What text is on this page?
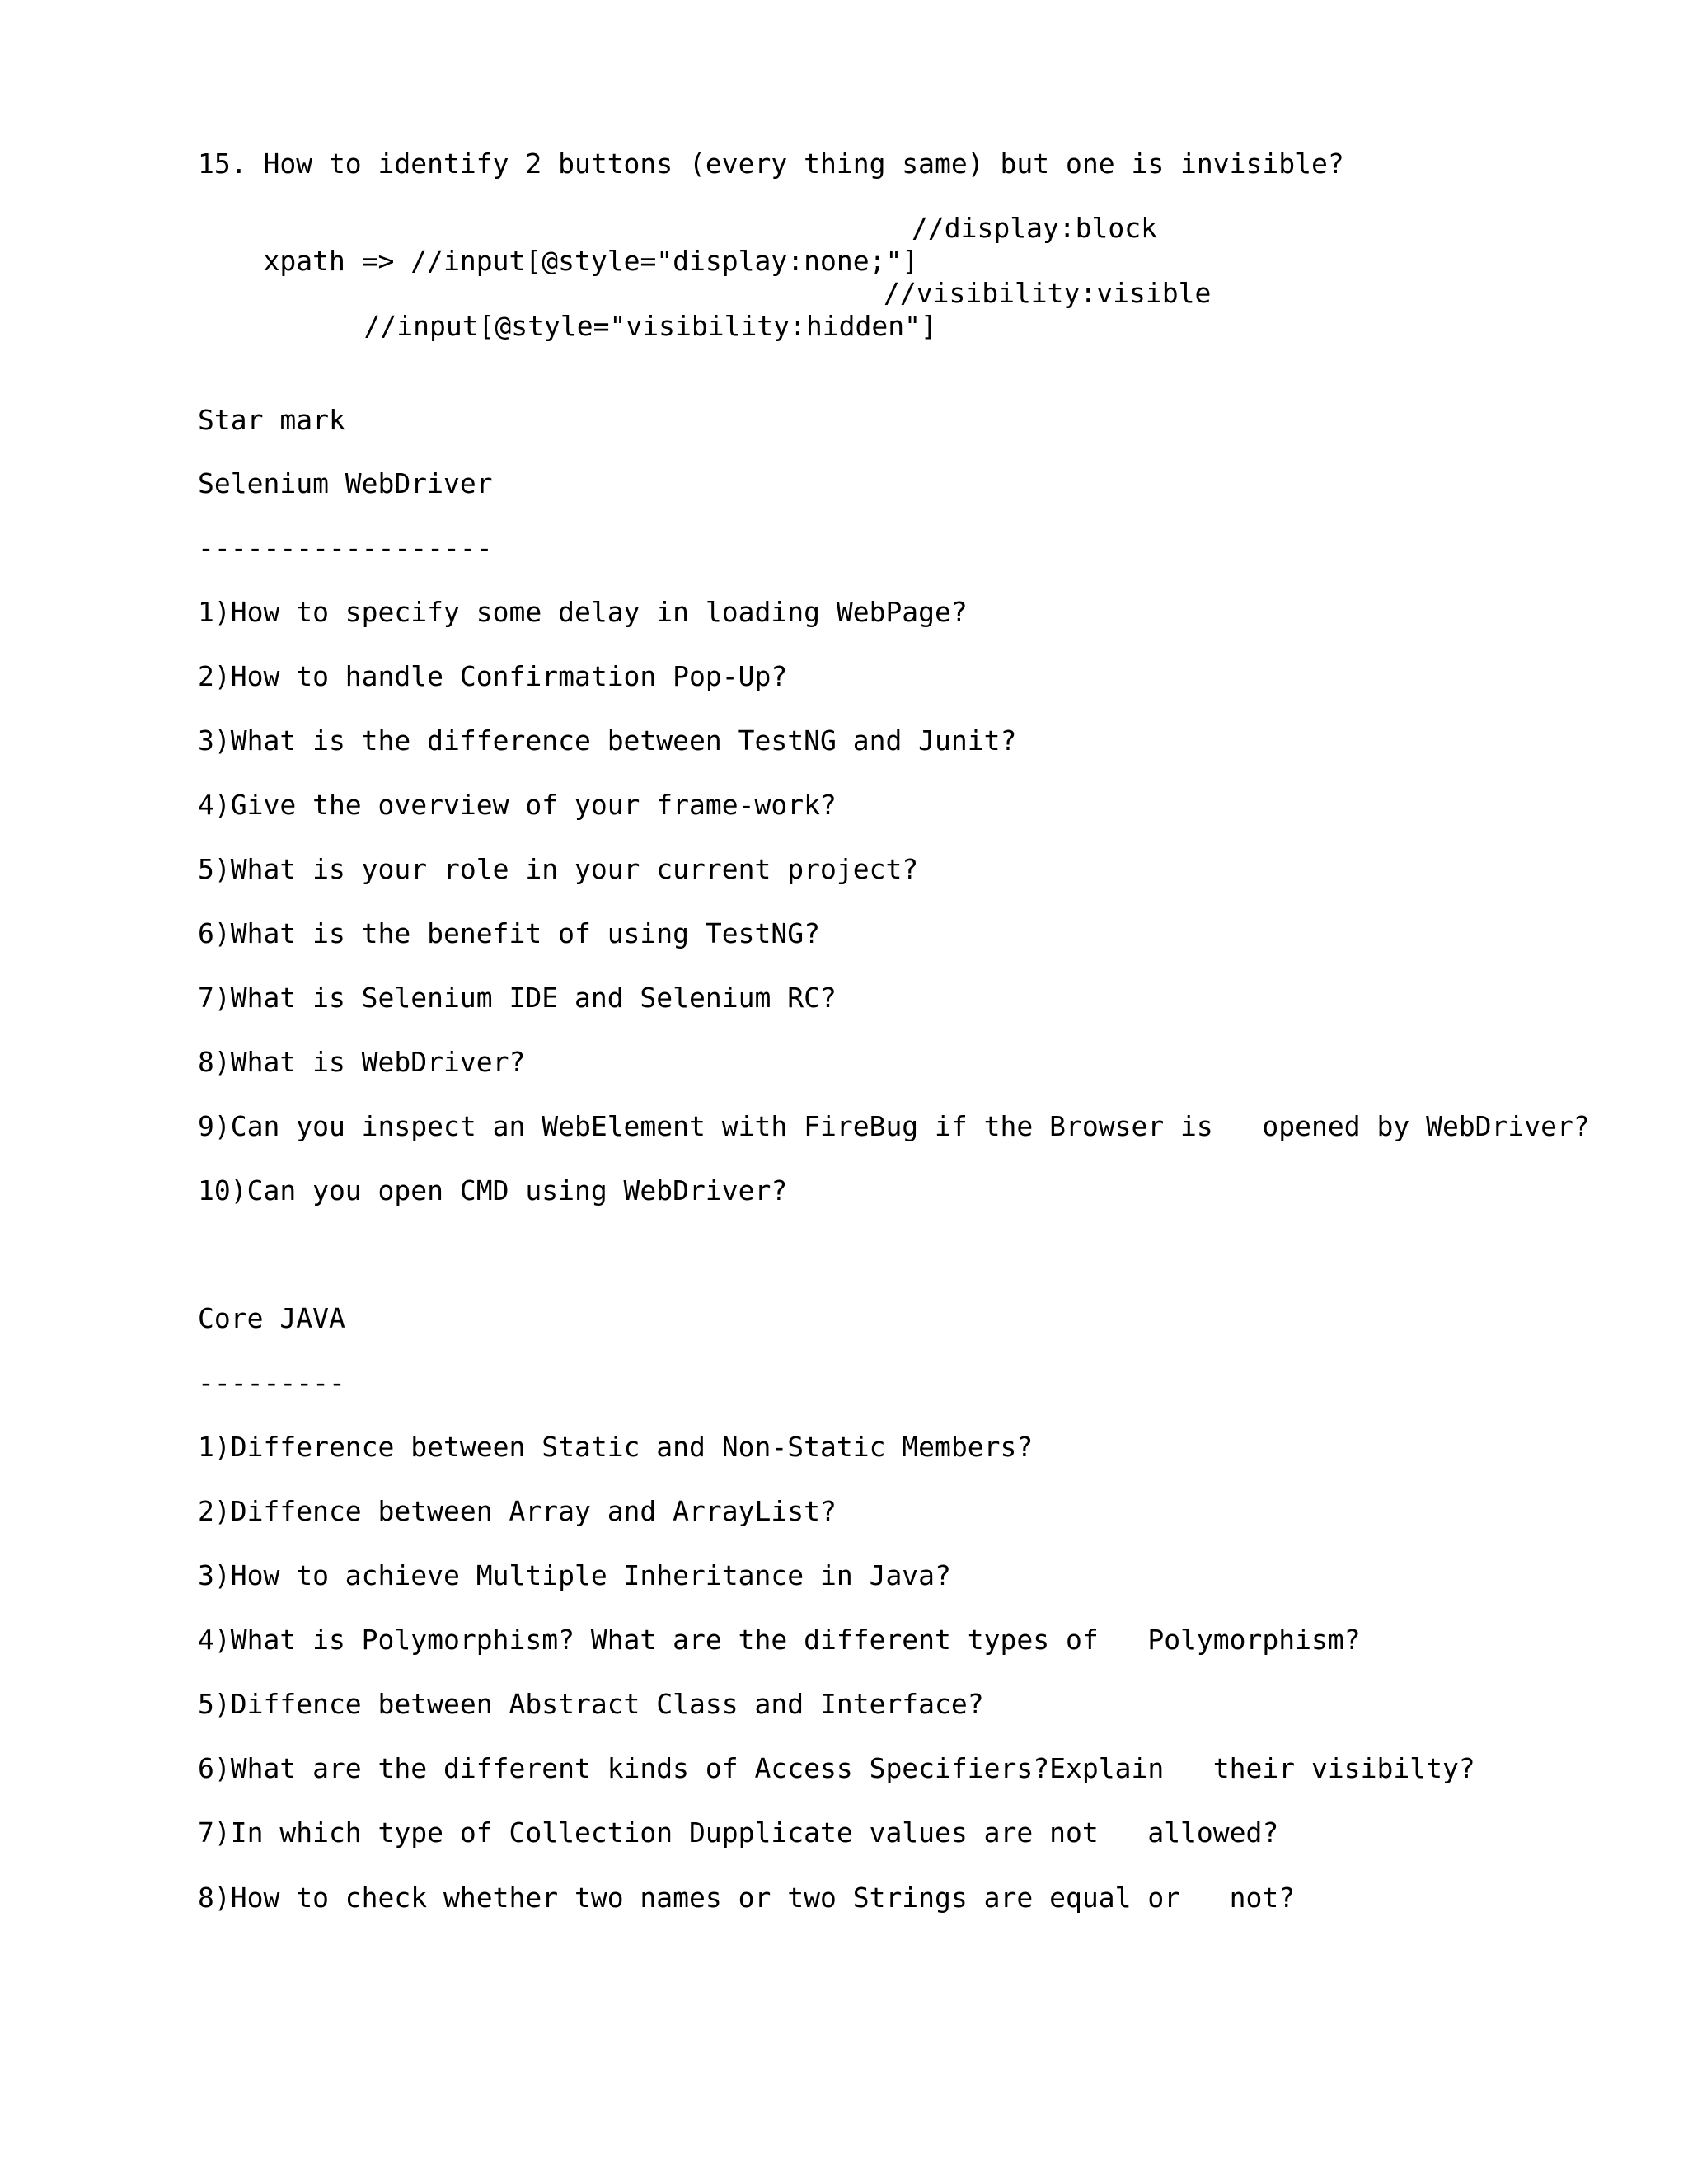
15. How to identify 2 buttons (every thing same) but one is invisible?

xpath => //input[@style="display:none;"]

//display:block

//input[@style="visibility:hidden"]

//visibility:visible

Star mark
Selenium WebDriver
------------------
1)How to specify some delay in loading WebPage?
2)How to handle Confirmation Pop-Up?
3)What is the difference between TestNG and Junit?
4)Give the overview of your frame-work?
5)What is your role in your current project?
6)What is the benefit of using TestNG?
7)What is Selenium IDE and Selenium RC?
8)What is WebDriver?
9)Can you inspect an WebElement with FireBug if the Browser is   opened by WebDriver?
10)Can you open CMD using WebDriver?
Core JAVA
---------
1)Difference between Static and Non-Static Members?
2)Diffence between Array and ArrayList?
3)How to achieve Multiple Inheritance in Java?
4)What is Polymorphism? What are the different types of   Polymorphism?
5)Diffence between Abstract Class and Interface?
6)What are the different kinds of Access Specifiers?Explain   their visibilty?
7)In which type of Collection Dupplicate values are not   allowed?
8)How to check whether two names or two Strings are equal or   not?
